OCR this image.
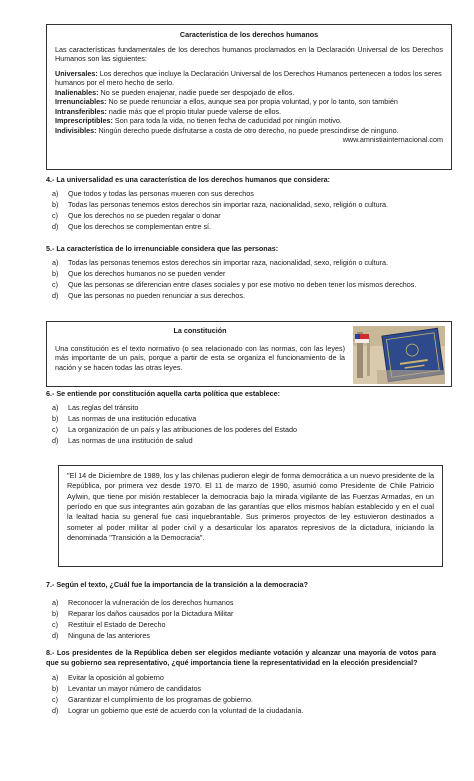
Característica de los derechos humanos

Las características fundamentales de los derechos humanos proclamados en la Declaración Universal de los Derechos Humanos son las siguientes:

Universales: Los derechos que incluye la Declaración Universal de los Derechos Humanos pertenecen a todos los seres humanos por el mero hecho de serlo.

Inalienables: No se pueden enajenar, nadie puede ser despojado de ellos.

Irrenunciables: No se puede renunciar a ellos, aunque sea por propia voluntad, y por lo tanto, son también

Intransferibles: nadie más que el propio titular puede valerse de ellos.

Imprescriptibles: Son para toda la vida, no tienen fecha de caducidad por ningún motivo.

Indivisibles: Ningún derecho puede disfrutarse a costa de otro derecho, no puede prescindirse de ninguno.

www.amnistiainternacional.com

4.- La universalidad es una característica de los derechos humanos que considera:

a)	Que todos y todas las personas mueren con sus derechos
b)	Todas las personas tenemos estos derechos sin importar raza, nacionalidad, sexo, religión o cultura.
c)	Que los derechos no se pueden regalar o donar
d)	Que los derechos se complementan entre sí.

5.- La característica de lo irrenunciable considera que las personas:

a)	Todas las personas tenemos estos derechos sin importar raza, nacionalidad, sexo, religión o cultura.
b)	Que los derechos humanos no se pueden vender
c)	Que las personas se diferencian entre clases sociales y por ese motivo no deben tener los mismos derechos.
d)	Que las personas no pueden renunciar a sus derechos.

La constitución

Una constitución es el texto normativo (o sea relacionado con las normas, con las leyes) más importante de un país, porque a partir de esta se organiza el funcionamiento de la nación y se hacen todas las otras leyes.

6.- Se entiende por constitución aquella carta política que establece:

a)	Las reglas del tránsito
b)	Las normas de una institución educativa
c)	La organización de un país y las atribuciones de los poderes del Estado
d)	Las normas de una institución de salud
"El 14 de Diciembre de 1989, los y las chilenas pudieron elegir de forma democrática a un nuevo presidente de la República, por primera vez desde 1970. El 11 de marzo de 1990, asumió como Presidente de Chile Patricio Aylwin, que tiene por misión restablecer la democracia bajo la mirada vigilante de las Fuerzas Armadas, en un período en que sus integrantes aún gozaban de las garantías que ellos mismos habían establecido y en el cual la lealtad hacia su general fue casi inquebrantable. Sus primeros proyectos de ley estuvieron destinados a someter al poder militar al poder civil y a desarticular los aparatos represivos de la dictadura, iniciando la denominada "Transición a la Democracia".

7.- Según el texto, ¿Cuál fue la importancia de la transición a la democracia?

a)	Reconocer la vulneración de los derechos humanos
b)	Reparar los daños causados por la Dictadura Militar
c)	Restituir el Estado de Derecho
d)	Ninguna de las anteriores

8.- Los presidentes de la República deben ser elegidos mediante votación y alcanzar una mayoría de votos para que su gobierno sea representativo, ¿qué importancia tiene la representatividad en la elección presidencial?

a)	Evitar la oposición al gobierno
b)	Levantar un mayor número de candidatos
c)	Garantizar el cumplimiento de los programas de gobierno.
d)	Lograr un gobierno que esté de acuerdo con la voluntad de la ciudadanía.
